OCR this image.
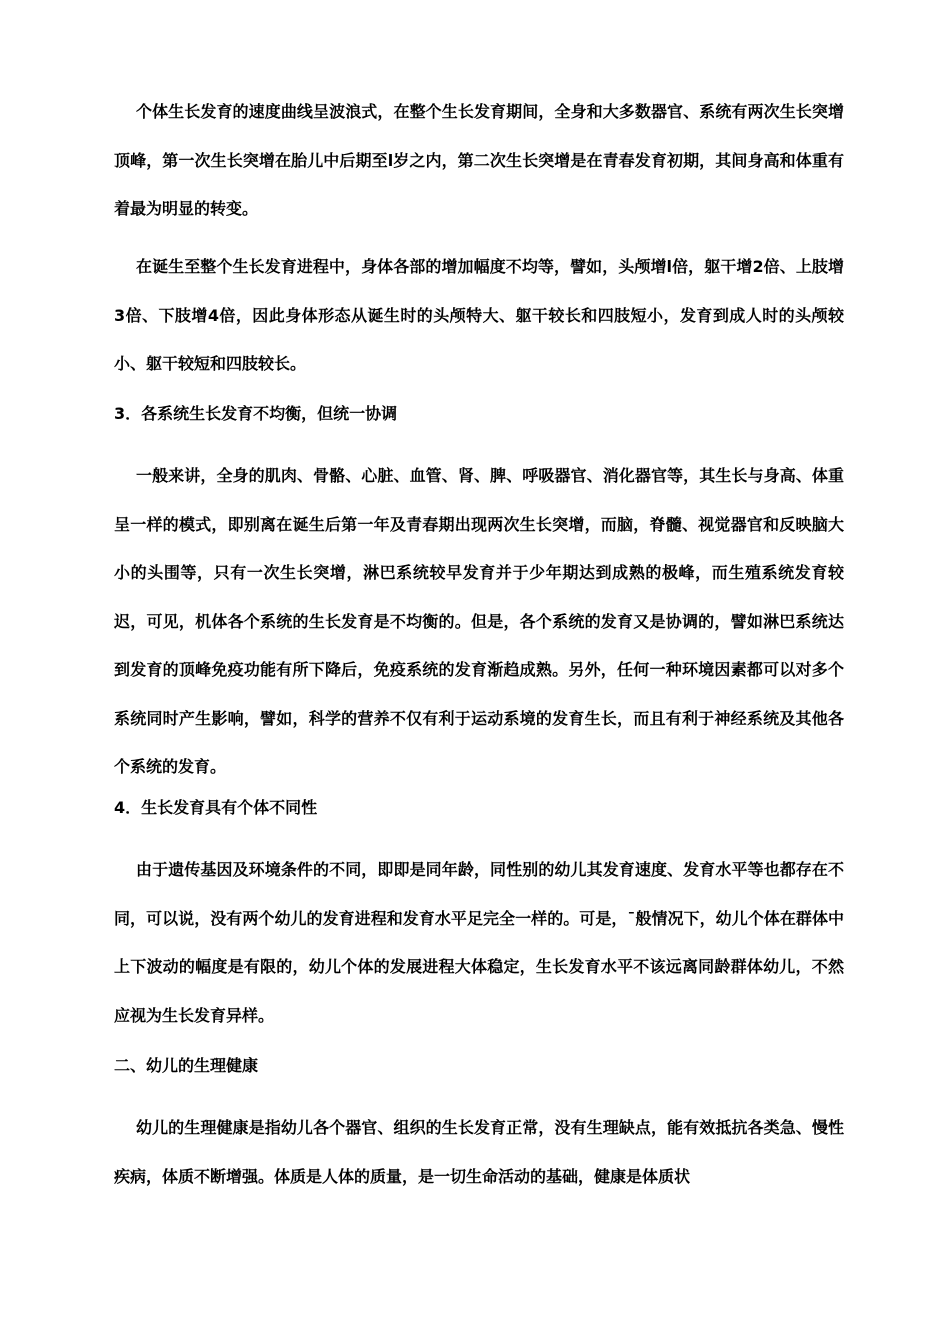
个体生长发育的速度曲线呈波浪式，在整个生长发育期间，全身和大多数器官、系统有两次生长突增顶峰，第一次生长突增在胎儿中后期至l岁之内，第二次生长突增是在青春发育初期，其间身高和体重有着最为明显的转变。

在诞生至整个生长发育进程中，身体各部的增加幅度不均等，譬如，头颅增l倍，躯干增2倍、上肢增3倍、下肢增4倍，因此身体形态从诞生时的头颅特大、躯干较长和四肢短小，发育到成人时的头颅较小、躯干较短和四肢较长。

3．各系统生长发育不均衡，但统一协调

一般来讲，全身的肌肉、骨骼、心脏、血管、肾、脾、呼吸器官、消化器官等，其生长与身高、体重呈一样的模式，即别离在诞生后第一年及青春期出现两次生长突增，而脑，脊髓、视觉器官和反映脑大小的头围等，只有一次生长突增，淋巴系统较早发育并于少年期达到成熟的极峰，而生殖系统发育较迟，可见，机体各个系统的生长发育是不均衡的。但是，各个系统的发育又是协调的，譬如淋巴系统达到发育的顶峰免疫功能有所下降后，免疫系统的发育渐趋成熟。另外，任何一种环境因素都可以对多个系统同时产生影响，譬如，科学的营养不仅有利于运动系境的发育生长，而且有利于神经系统及其他各个系统的发育。

4．生长发育具有个体不同性

由于遗传基因及环境条件的不同，即即是同年龄，同性别的幼儿其发育速度、发育水平等也都存在不同，可以说，没有两个幼儿的发育进程和发育水平足完全一样的。可是，¯般情况下，幼儿个体在群体中上下波动的幅度是有限的，幼儿个体的发展进程大体稳定，生长发育水平不该远离同龄群体幼儿，不然应视为生长发育异样。

二、幼儿的生理健康

幼儿的生理健康是指幼儿各个器官、组织的生长发育正常，没有生理缺点，能有效抵抗各类急、慢性疾病，体质不断增强。体质是人体的质量，是一切生命活动的基础，健康是体质状
